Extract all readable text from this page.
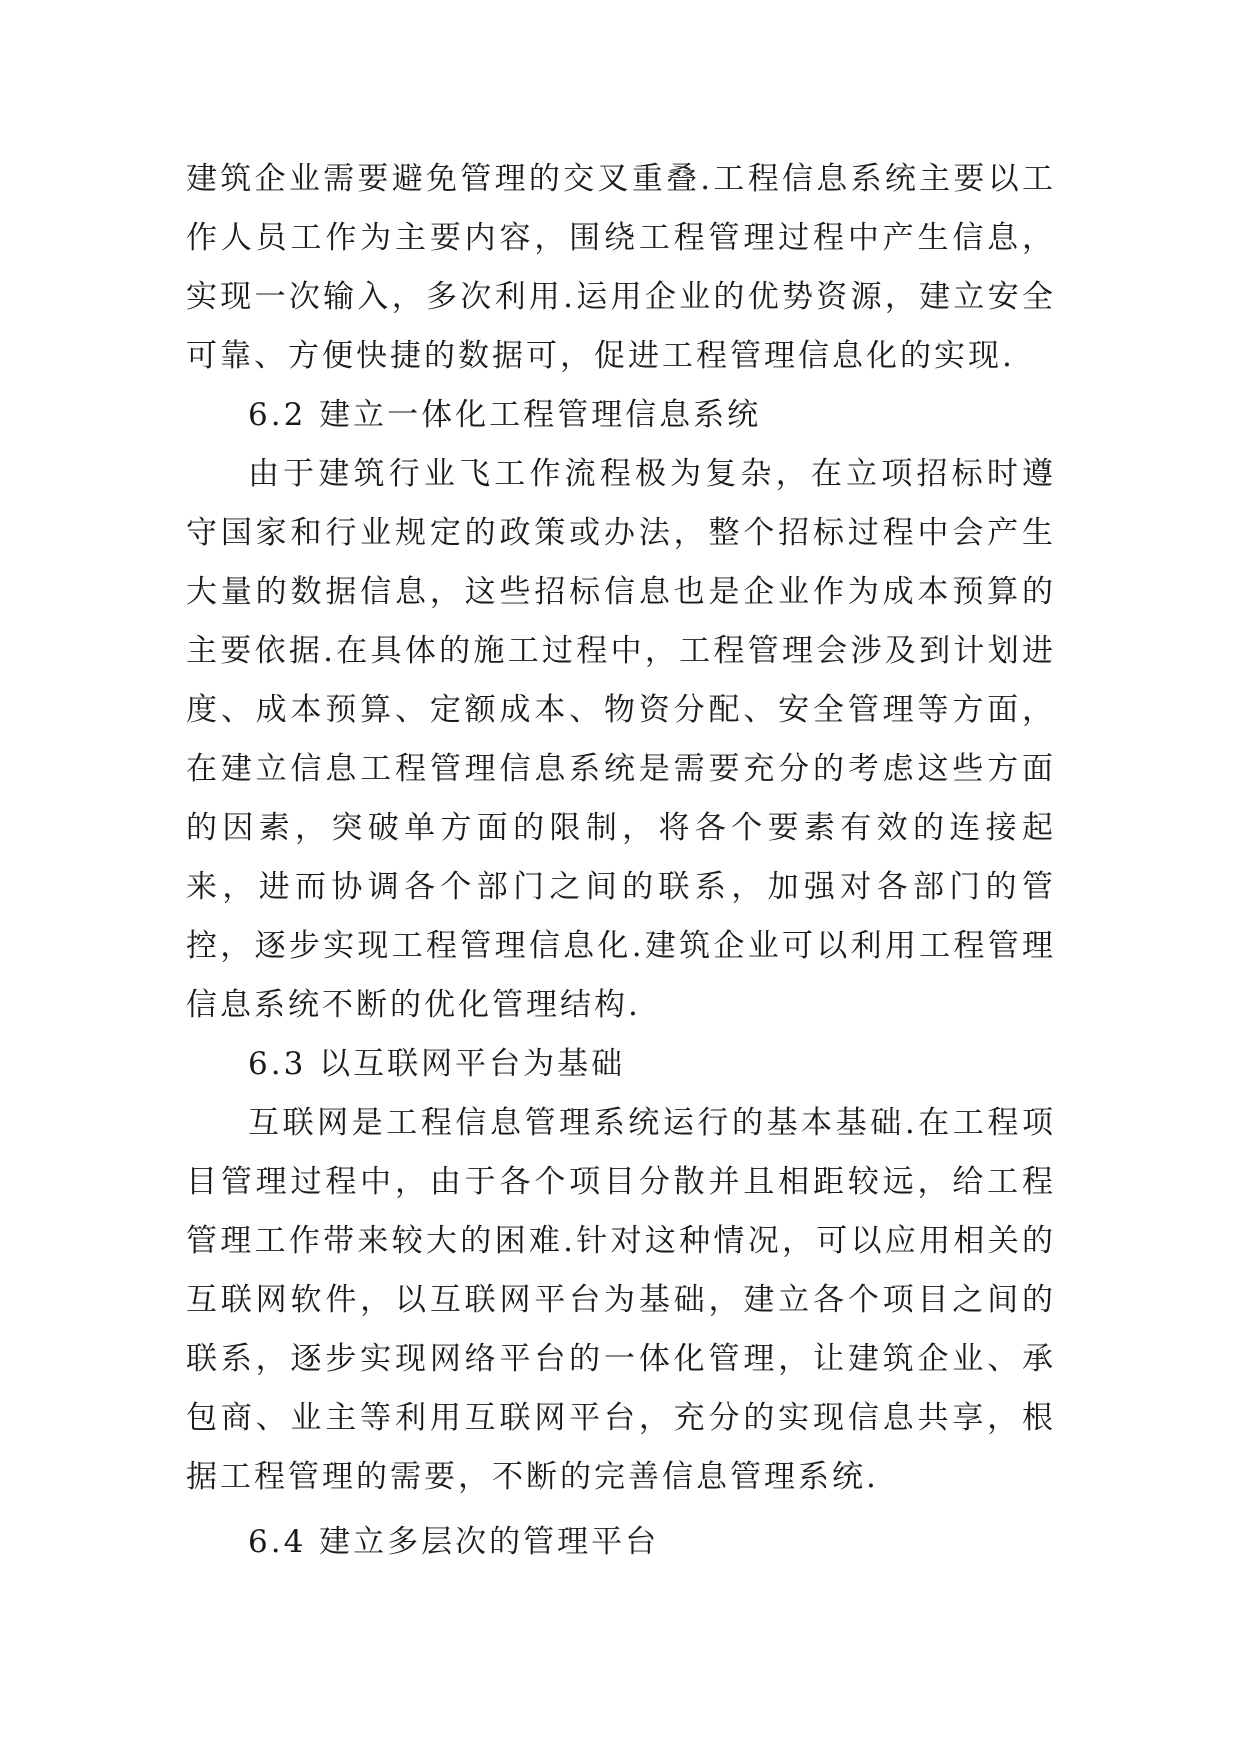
建筑企业需要避免管理的交叉重叠.工程信息系统主要以工作人员工作为主要内容，围绕工程管理过程中产生信息，实现一次输入，多次利用.运用企业的优势资源，建立安全可靠、方便快捷的数据可，促进工程管理信息化的实现.

6.2 建立一体化工程管理信息系统

由于建筑行业飞工作流程极为复杂，在立项招标时遵守国家和行业规定的政策或办法，整个招标过程中会产生大量的数据信息，这些招标信息也是企业作为成本预算的主要依据.在具体的施工过程中，工程管理会涉及到计划进度、成本预算、定额成本、物资分配、安全管理等方面，在建立信息工程管理信息系统是需要充分的考虑这些方面的因素，突破单方面的限制，将各个要素有效的连接起来，进而协调各个部门之间的联系，加强对各部门的管控，逐步实现工程管理信息化.建筑企业可以利用工程管理信息系统不断的优化管理结构.

6.3 以互联网平台为基础

互联网是工程信息管理系统运行的基本基础.在工程项目管理过程中，由于各个项目分散并且相距较远，给工程管理工作带来较大的困难.针对这种情况，可以应用相关的互联网软件，以互联网平台为基础，建立各个项目之间的联系，逐步实现网络平台的一体化管理，让建筑企业、承包商、业主等利用互联网平台，充分的实现信息共享，根据工程管理的需要，不断的完善信息管理系统.

6.4 建立多层次的管理平台
